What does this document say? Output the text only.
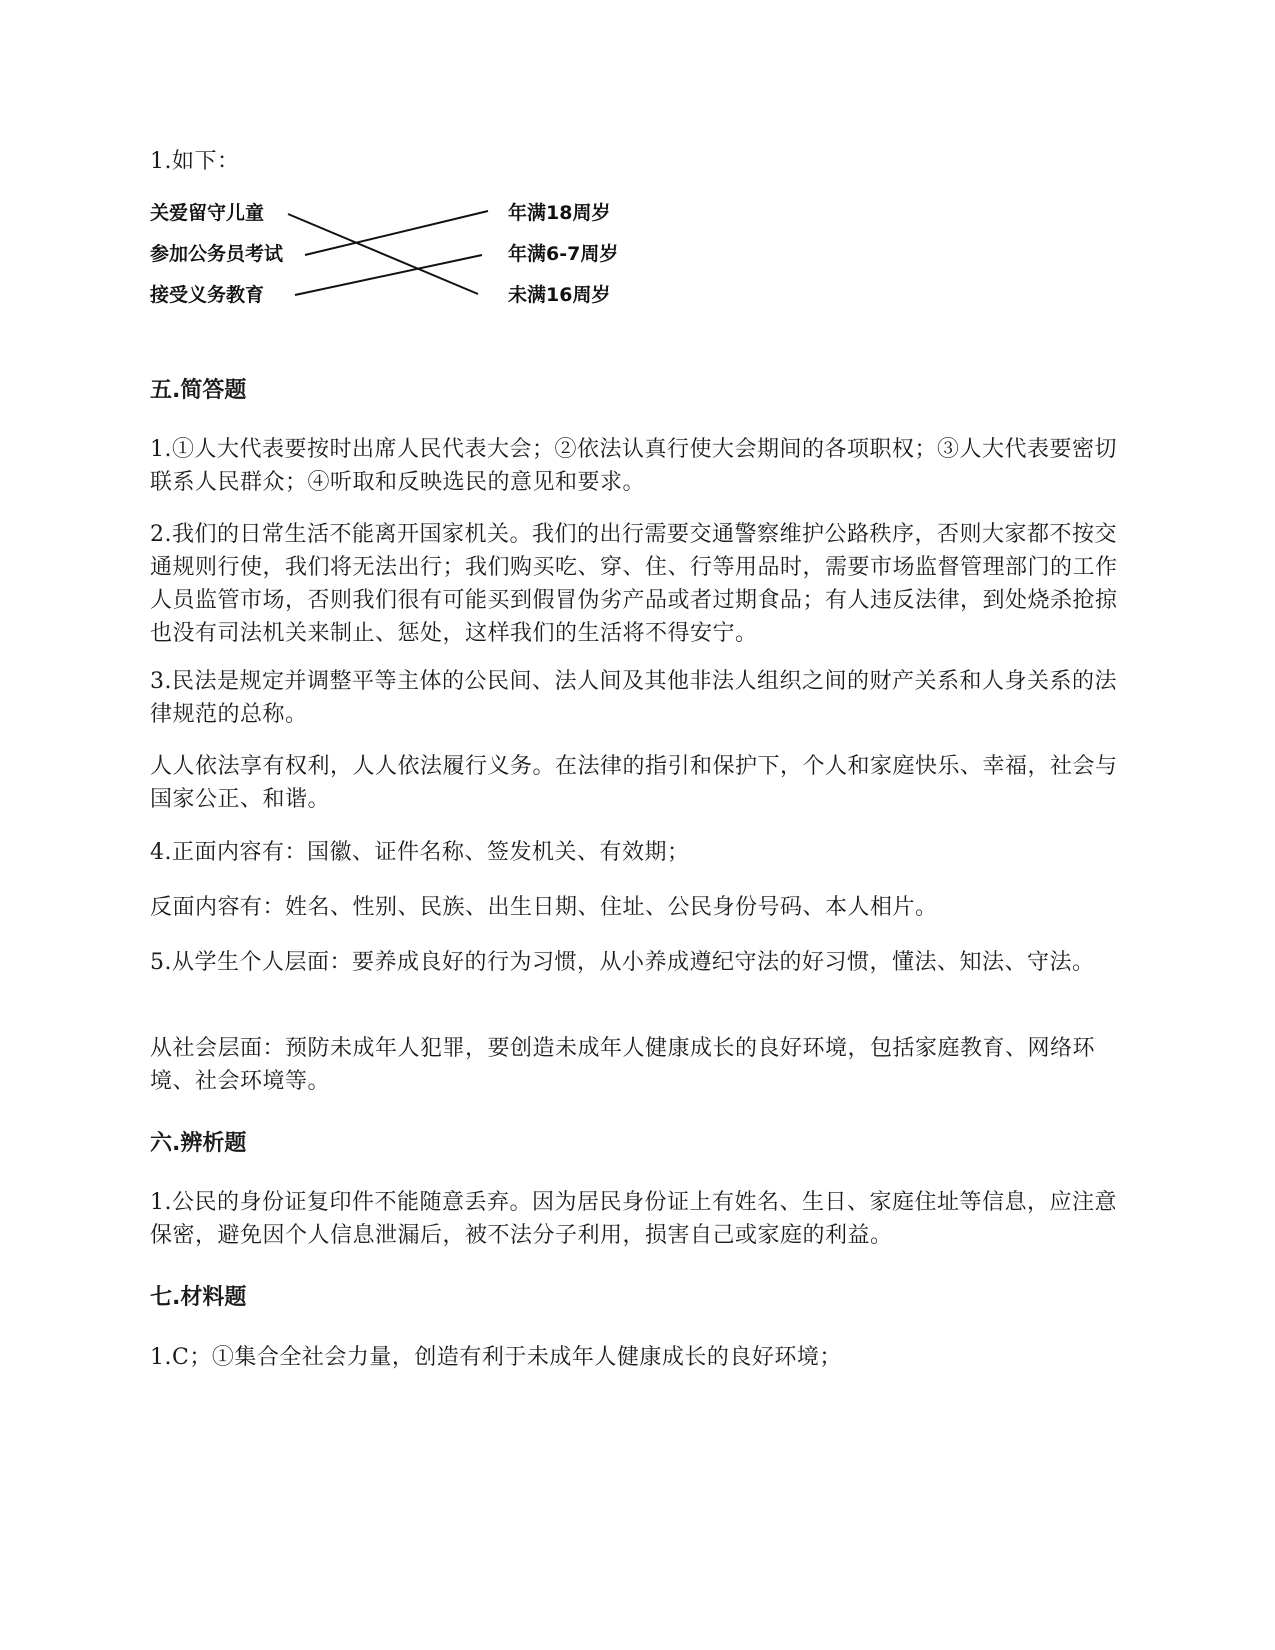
1.如下：

关爱留守儿童
参加公务员考试
接受义务教育
年满18周岁
年满6-7周岁
未满16周岁
五.简答题

1.①人大代表要按时出席人民代表大会；②依法认真行使大会期间的各项职权；③人大代表要密切联系人民群众；④听取和反映选民的意见和要求。

2.我们的日常生活不能离开国家机关。我们的出行需要交通警察维护公路秩序，否则大家都不按交通规则行使，我们将无法出行；我们购买吃、穿、住、行等用品时，需要市场监督管理部门的工作人员监管市场，否则我们很有可能买到假冒伪劣产品或者过期食品；有人违反法律，到处烧杀抢掠也没有司法机关来制止、惩处，这样我们的生活将不得安宁。

3.民法是规定并调整平等主体的公民间、法人间及其他非法人组织之间的财产关系和人身关系的法律规范的总称。

人人依法享有权利，人人依法履行义务。在法律的指引和保护下，个人和家庭快乐、幸福，社会与国家公正、和谐。

4.正面内容有：国徽、证件名称、签发机关、有效期；

反面内容有：姓名、性别、民族、出生日期、住址、公民身份号码、本人相片。

5.从学生个人层面：要养成良好的行为习惯，从小养成遵纪守法的好习惯，懂法、知法、守法。

从社会层面：预防未成年人犯罪，要创造未成年人健康成长的良好环境，包括家庭教育、网络环境、社会环境等。

六.辨析题

1.公民的身份证复印件不能随意丢弃。因为居民身份证上有姓名、生日、家庭住址等信息，应注意保密，避免因个人信息泄漏后，被不法分子利用，损害自己或家庭的利益。

七.材料题

1.C；①集合全社会力量，创造有利于未成年人健康成长的良好环境；
